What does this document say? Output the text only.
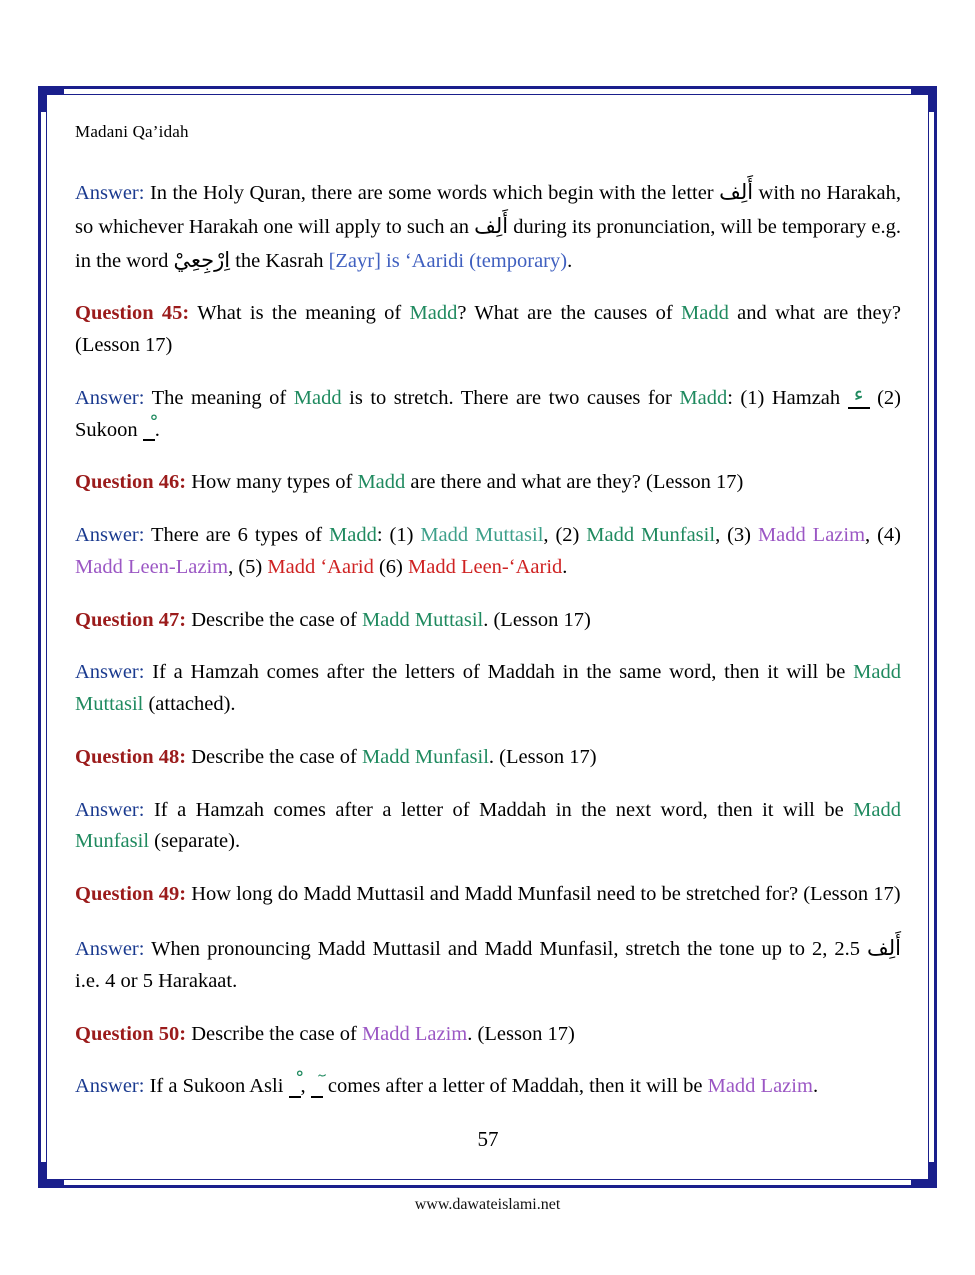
Madani Qa’idah

Answer: In the Holy Quran, there are some words which begin with the letter أَلِف with no Harakah, so whichever Harakah one will apply to such an أَلِف during its pronunciation, will be temporary e.g. in the word اِرْجِعِيْ the Kasrah [Zayr] is ‘Aaridi (temporary).

Question 45: What is the meaning of Madd? What are the causes of Madd and what are they? (Lesson 17)

Answer: The meaning of Madd is to stretch. There are two causes for Madd: (1) Hamzah ء (2) Sukoon .

Question 46: How many types of Madd are there and what are they? (Lesson 17)

Answer: There are 6 types of Madd: (1) Madd Muttasil, (2) Madd Munfasil, (3) Madd Lazim, (4) Madd Leen-Lazim, (5) Madd ‘Aarid (6) Madd Leen-‘Aarid.

Question 47: Describe the case of Madd Muttasil. (Lesson 17)

Answer: If a Hamzah comes after the letters of Maddah in the same word, then it will be Madd Muttasil (attached).

Question 48: Describe the case of Madd Munfasil. (Lesson 17)

Answer: If a Hamzah comes after a letter of Maddah in the next word, then it will be Madd Munfasil (separate).

Question 49: How long do Madd Muttasil and Madd Munfasil need to be stretched for? (Lesson 17)

Answer: When pronouncing Madd Muttasil and Madd Munfasil, stretch the tone up to 2, 2.5 أَلِف i.e. 4 or 5 Harakaat.

Question 50: Describe the case of Madd Lazim. (Lesson 17)

Answer: If a Sukoon Asli ,  comes after a letter of Maddah, then it will be Madd Lazim.

57
www.dawateislami.net
